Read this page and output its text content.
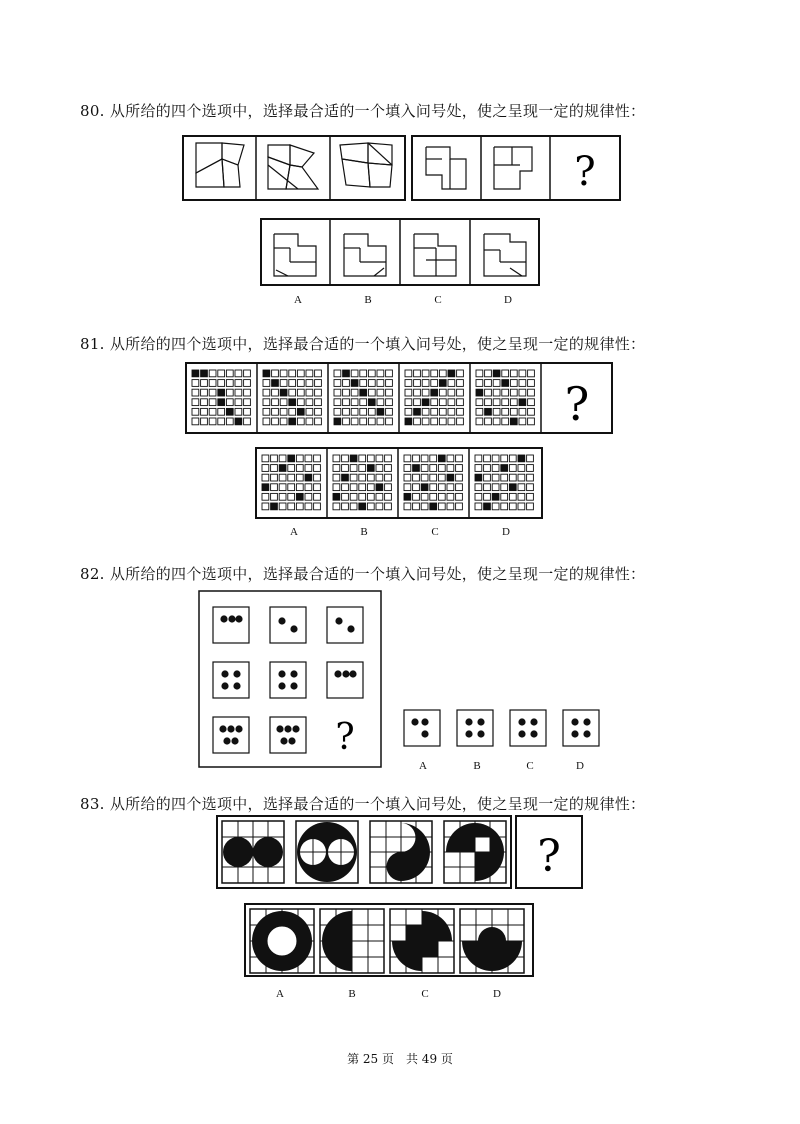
80. 从所给的四个选项中，选择最合适的一个填入问号处，使之呈现一定的规律性：
?
A	B	C	D
81. 从所给的四个选项中，选择最合适的一个填入问号处，使之呈现一定的规律性：
?
A	B	C	D
82. 从所给的四个选项中，选择最合适的一个填入问号处，使之呈现一定的规律性：
?
A	B	C	D
83. 从所给的四个选项中，选择最合适的一个填入问号处，使之呈现一定的规律性：
?
A	B	C	D
第 25 页　共 49 页
